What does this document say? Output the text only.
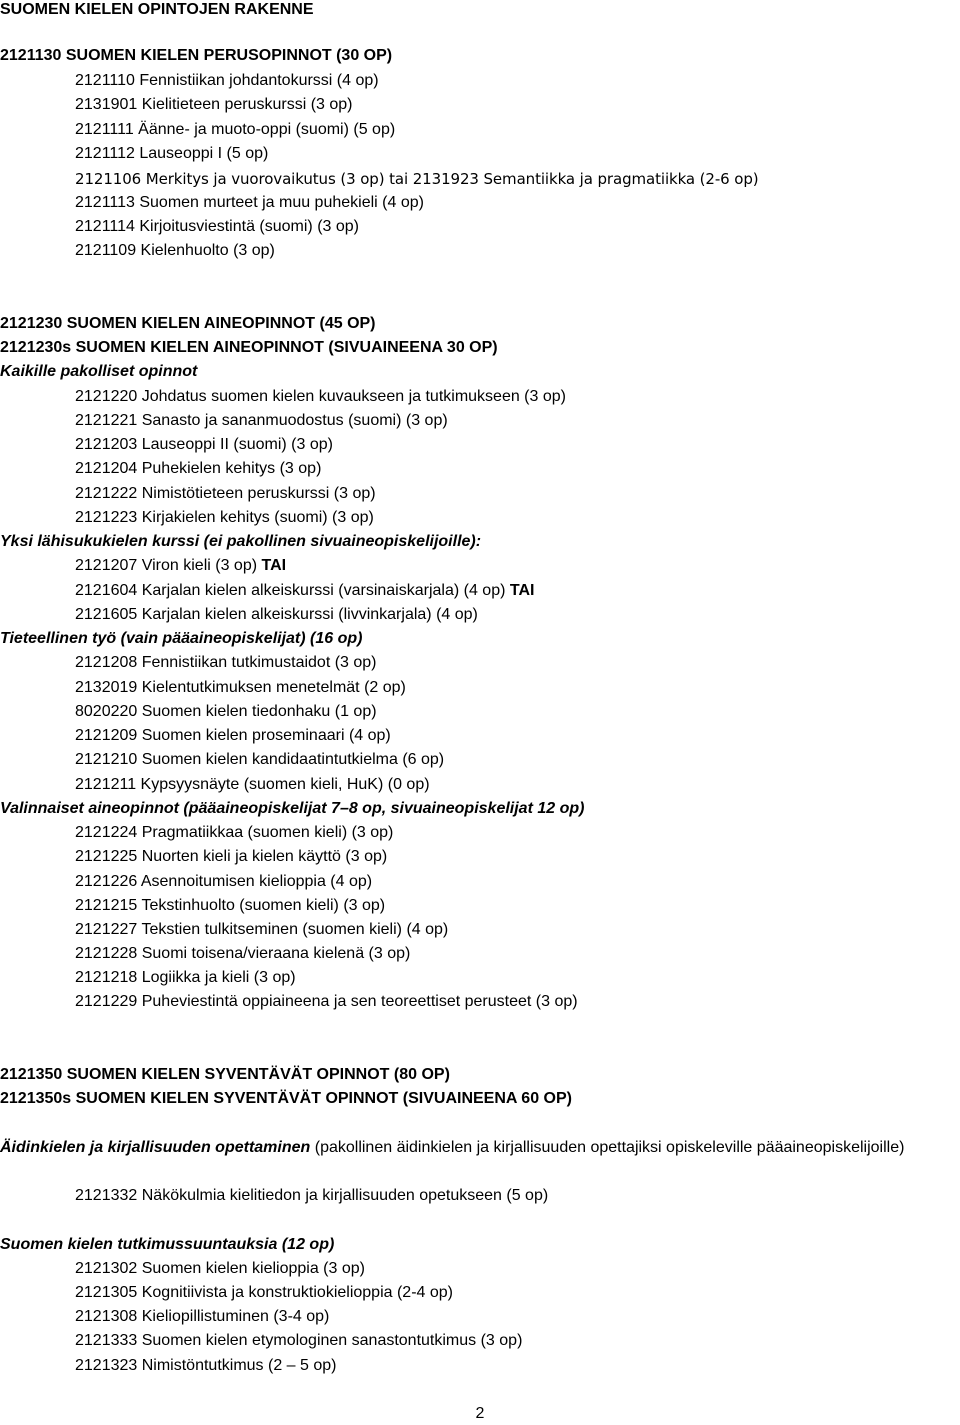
SUOMEN KIELEN OPINTOJEN RAKENNE
2121130 SUOMEN KIELEN PERUSOPINNOT (30 OP)
2121110 Fennistiikan johdantokurssi (4 op)
2131901 Kielitieteen peruskurssi (3 op)
2121111 Äänne- ja muoto-oppi (suomi) (5 op)
2121112 Lauseoppi I (5 op)
2121106 Merkitys ja vuorovaikutus (3 op) tai 2131923 Semantiikka ja pragmatiikka (2-6 op)
2121113 Suomen murteet ja muu puhekieli (4 op)
2121114 Kirjoitusviestintä (suomi) (3 op)
2121109 Kielenhuolto (3 op)
2121230 SUOMEN KIELEN AINEOPINNOT (45 OP)
2121230s SUOMEN KIELEN AINEOPINNOT (SIVUAINEENA 30 OP)
Kaikille pakolliset opinnot
2121220 Johdatus suomen kielen kuvaukseen ja tutkimukseen (3 op)
2121221 Sanasto ja sananmuodostus (suomi) (3 op)
2121203 Lauseoppi II (suomi) (3 op)
2121204 Puhekielen kehitys (3 op)
2121222 Nimistötieteen peruskurssi (3 op)
2121223 Kirjakielen kehitys (suomi) (3 op)
Yksi lähisukukielen kurssi (ei pakollinen sivuaineopiskelijoille):
2121207 Viron kieli (3 op) TAI
2121604 Karjalan kielen alkeiskurssi (varsinaiskarjala) (4 op) TAI
2121605 Karjalan kielen alkeiskurssi (livvinkarjala) (4 op)
Tieteellinen työ (vain pääaineopiskelijat) (16 op)
2121208 Fennistiikan tutkimustaidot (3 op)
2132019 Kielentutkimuksen menetelmät (2 op)
8020220 Suomen kielen tiedonhaku (1 op)
2121209 Suomen kielen proseminaari (4 op)
2121210 Suomen kielen kandidaatintutkielma (6 op)
2121211 Kypsyysnäyte (suomen kieli, HuK) (0 op)
Valinnaiset aineopinnot (pääaineopiskelijat 7–8 op, sivuaineopiskelijat 12 op)
2121224 Pragmatiikkaa (suomen kieli) (3 op)
2121225 Nuorten kieli ja kielen käyttö (3 op)
2121226 Asennoitumisen kielioppia (4 op)
2121215 Tekstinhuolto (suomen kieli) (3 op)
2121227 Tekstien tulkitseminen (suomen kieli) (4 op)
2121228 Suomi toisena/vieraana kielenä (3 op)
2121218 Logiikka ja kieli (3 op)
2121229 Puheviestintä oppiaineena ja sen teoreettiset perusteet (3 op)
2121350 SUOMEN KIELEN SYVENTÄVÄT OPINNOT (80 OP)
2121350s SUOMEN KIELEN SYVENTÄVÄT OPINNOT (SIVUAINEENA 60 OP)
Äidinkielen ja kirjallisuuden opettaminen (pakollinen äidinkielen ja kirjallisuuden opettajiksi opiskeleville pääaineopiskelijoille)
2121332 Näkökulmia kielitiedon ja kirjallisuuden opetukseen (5 op)
Suomen kielen tutkimussuuntauksia (12 op)
2121302 Suomen kielen kielioppia (3 op)
2121305 Kognitiivista ja konstruktiokielioppia (2-4 op)
2121308 Kieliopillistuminen (3-4 op)
2121333 Suomen kielen etymologinen sanastontutkimus (3 op)
2121323 Nimistöntutkimus (2 – 5 op)
2
